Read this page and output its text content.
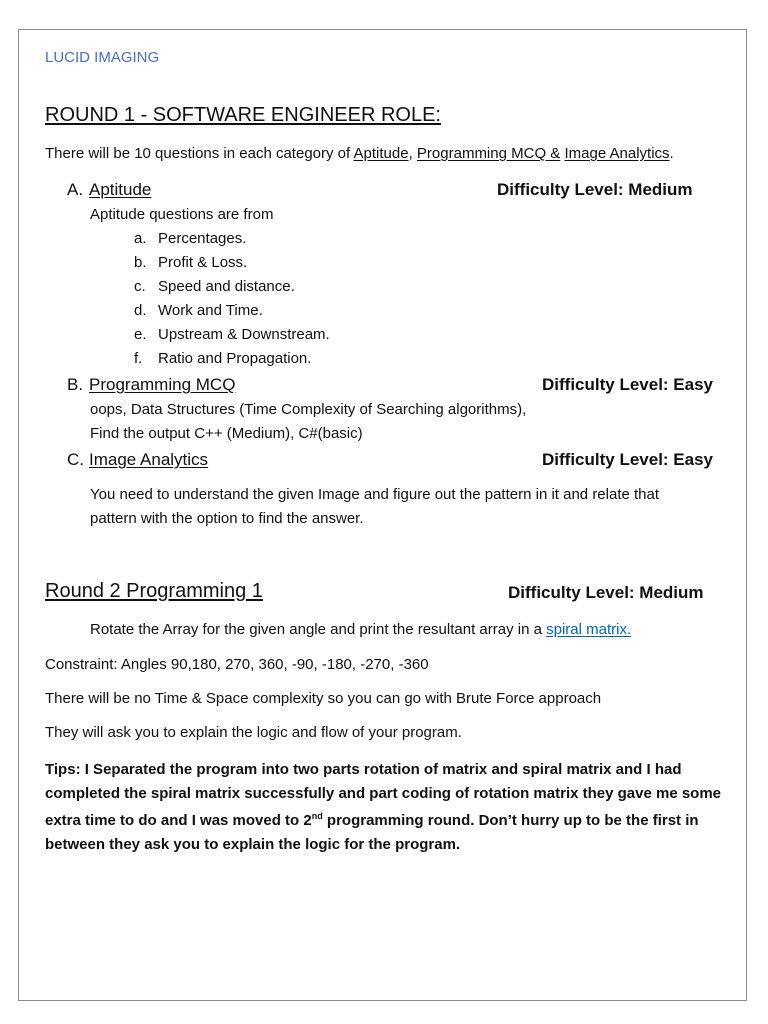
LUCID IMAGING
ROUND 1 - SOFTWARE ENGINEER ROLE:
There will be 10 questions in each category of Aptitude, Programming MCQ & Image Analytics.
A. Aptitude	Difficulty Level: Medium
Aptitude questions are from
a. Percentages.
b. Profit & Loss.
c. Speed and distance.
d. Work and Time.
e. Upstream & Downstream.
f. Ratio and Propagation.
B. Programming MCQ	Difficulty Level: Easy
oops, Data Structures (Time Complexity of Searching algorithms),
Find the output C++ (Medium), C#(basic)
C. Image Analytics	Difficulty Level: Easy
You need to understand the given Image and figure out the pattern in it and relate that
pattern with the option to find the answer.
Round 2 Programming 1	Difficulty Level: Medium
Rotate the Array for the given angle and print the resultant array in a spiral matrix.
Constraint: Angles 90,180, 270, 360, -90, -180, -270, -360
There will be no Time & Space complexity so you can go with Brute Force approach
They will ask you to explain the logic and flow of your program.
Tips: I Separated the program into two parts rotation of matrix and spiral matrix and I had completed the spiral matrix successfully and part coding of rotation matrix they gave me some extra time to do and I was moved to 2nd programming round. Don’t hurry up to be the first in between they ask you to explain the logic for the program.
